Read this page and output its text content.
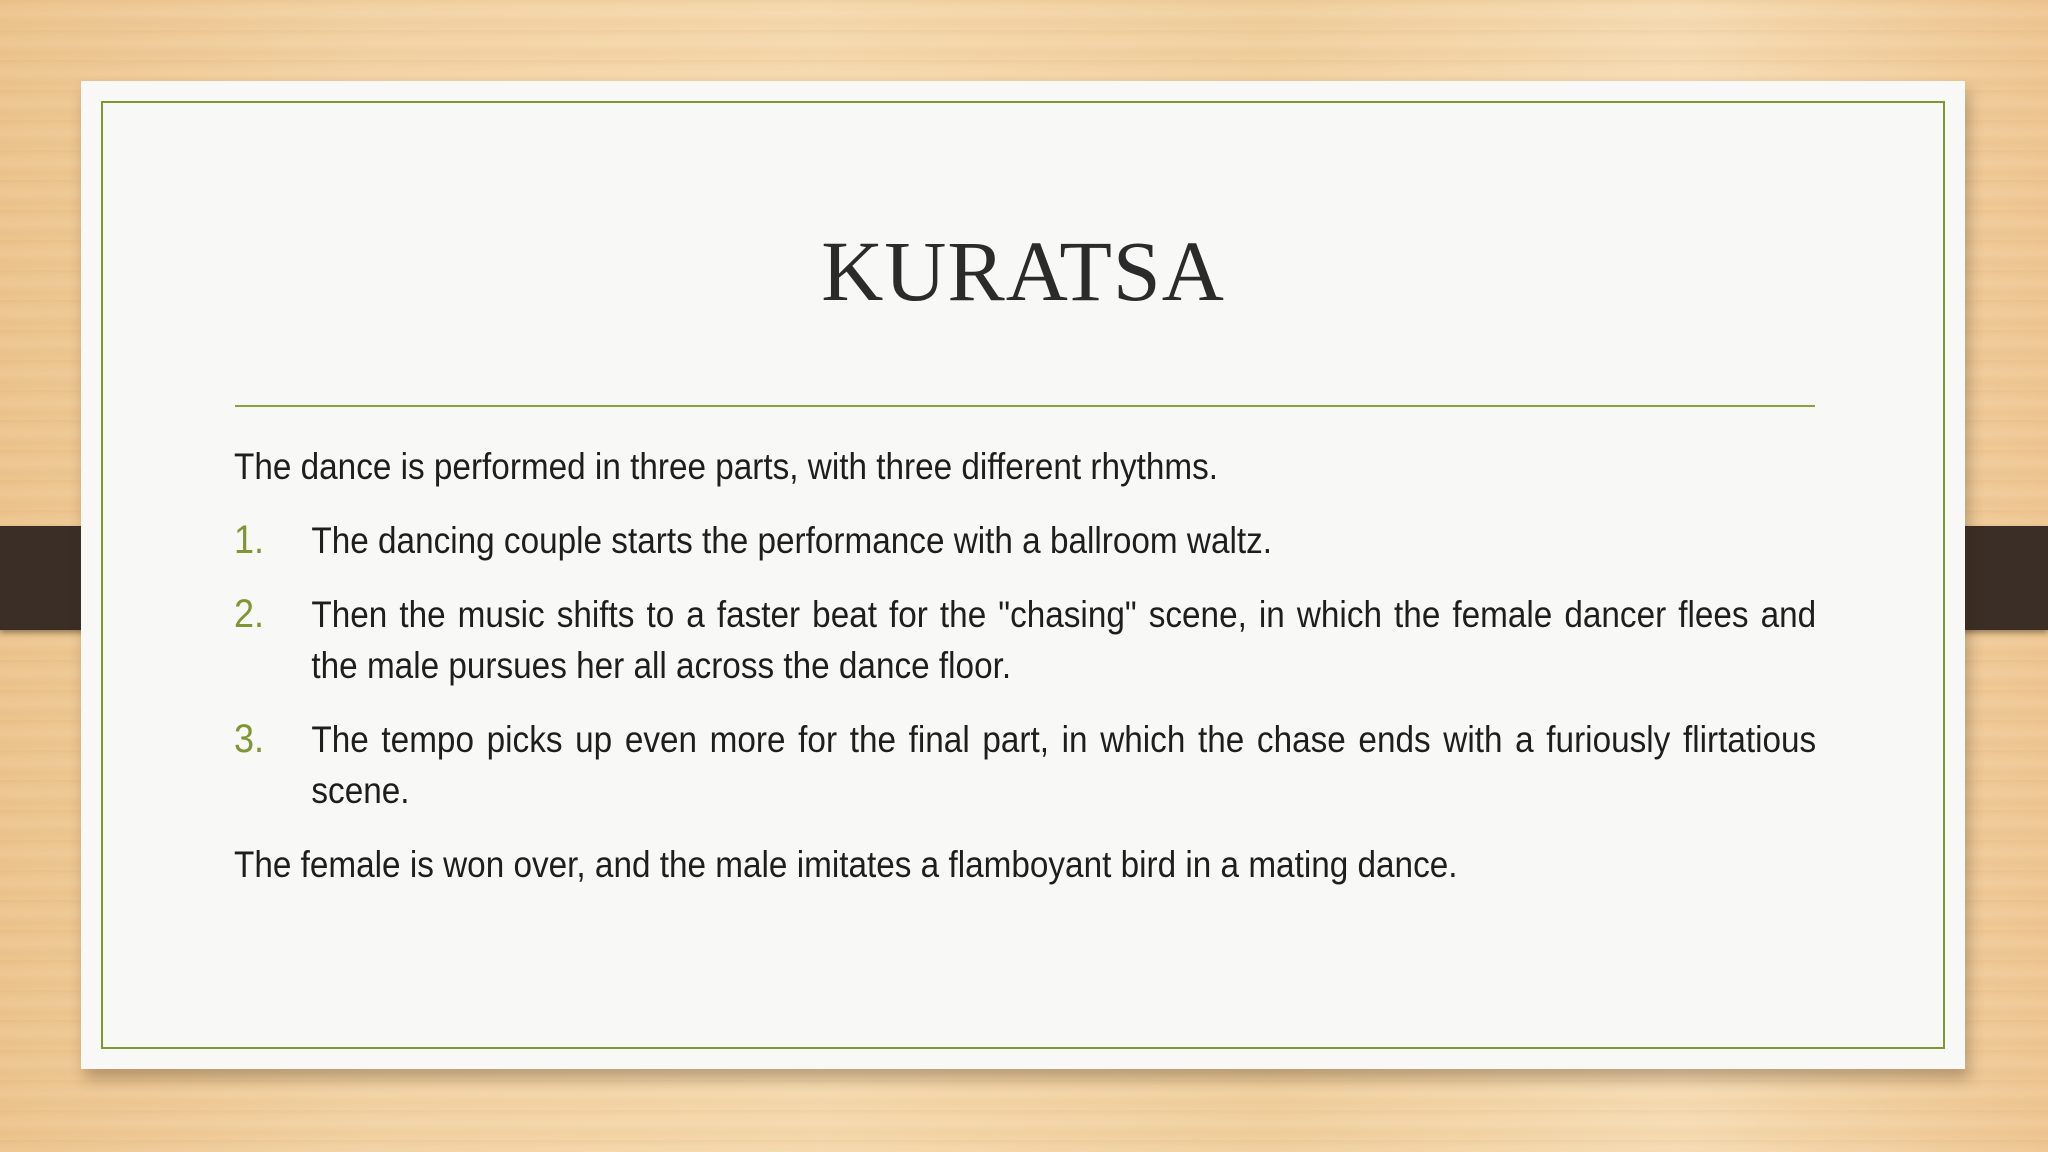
KURATSA

The dance is performed in three parts, with three different rhythms.

1.	The dancing couple starts the performance with a ballroom waltz.
2.	Then the music shifts to a faster beat for the "chasing" scene, in which the female dancer flees and the male pursues her all across the dance floor.
3.	The tempo picks up even more for the final part, in which the chase ends with a furiously flirtatious scene.

The female is won over, and the male imitates a flamboyant bird in a mating dance.
